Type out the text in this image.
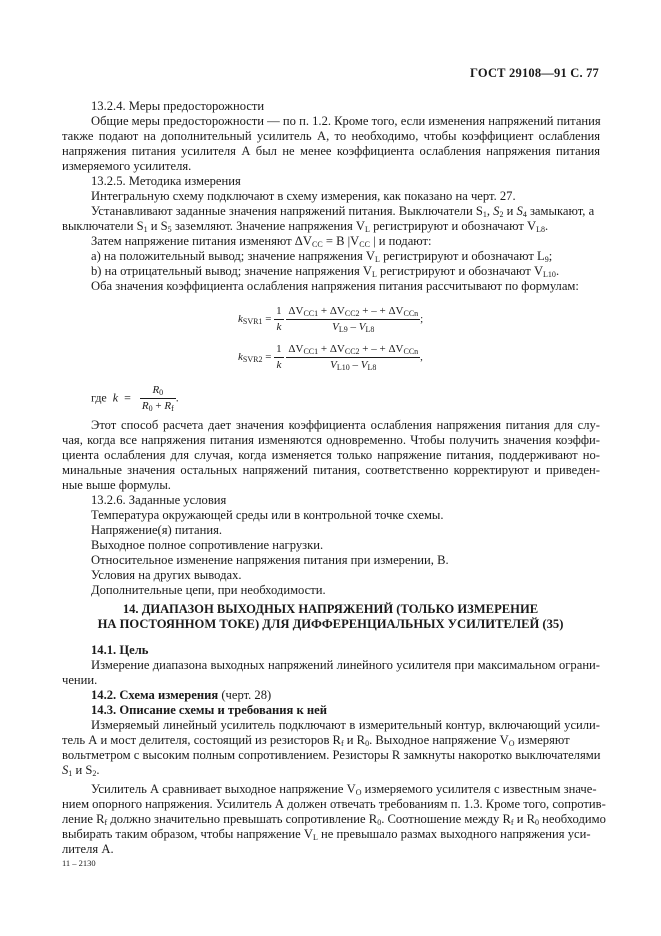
ГОСТ 29108—91 С. 77
13.2.4. Меры предосторожности
Общие меры предосторожности — по п. 1.2. Кроме того, если изменения напряжений питания
также подают на дополнительный усилитель А, то необходимо, чтобы коэффициент ослабления
напряжения питания усилителя А был не менее коэффициента ослабления напряжения питания
измеряемого усилителя.
13.2.5. Методика измерения
Интегральную схему подключают в схему измерения, как показано на черт. 27.
Устанавливают заданные значения напряжений питания. Выключатели $S_1$, $S_2$ и $S_4$ замыкают, а
выключатели $S_1$ и $S_5$ заземляют. Значение напряжения $V_L$ регистрируют и обозначают $V_{L8}$.
Затем напряжение питания изменяют $\Delta V_{CC} = B$ $|V_{CC}$ | и подают:
a) на положительный вывод; значение напряжения $V_L$ регистрируют и обозначают $L_9$;
b) на отрицательный вывод; значение напряжения $V_L$ регистрируют и обозначают $V_{L10}$.
Оба значения коэффициента ослабления напряжения питания рассчитывают по формулам:
$k_{SVR1} = \frac{1}{k}$
$\frac{\Delta V_{CC1} + \Delta V_{CC2} + - + \Delta V_{CCn}}{V_{L9} - V_{L8}}$ ;
$k_{SVR2} = \frac{1}{k}$
$\frac{\Delta V_{CC1} + \Delta V_{CC2} + - + \Delta V_{CCn}}{V_{L10} - V_{L8}}$ ,
где $k = \frac{R_0}{R_0 + R_f}$ .
Этот способ расчета дает значения коэффициента ослабления напряжения питания для слу-
чая, когда все напряжения питания изменяются одновременно. Чтобы получить значения коэффи-
циента ослабления для случая, когда изменяется только напряжение питания, поддерживают но-
минальные значения остальных напряжений питания, соответственно корректируют и приведен-
ные выше формулы.
13.2.6. Заданные условия
Температура окружающей среды или в контрольной точке схемы.
Напряжение(я) питания.
Выходное полное сопротивление нагрузки.
Относительное изменение напряжения питания при измерении, В.
Условия на других выводах.
Дополнительные цепи, при необходимости.
14. ДИАПАЗОН ВЫХОДНЫХ НАПРЯЖЕНИЙ (ТОЛЬКО ИЗМЕРЕНИЕ
НА ПОСТОЯННОМ ТОКЕ) ДЛЯ ДИФФЕРЕНЦИАЛЬНЫХ УСИЛИТЕЛЕЙ (35)
14.1. Цель
Измерение диапазона выходных напряжений линейного усилителя при максимальном ограни-
чении.
14.2. Схема измерения (черт. 28)
14.3. Описание схемы и требования к ней
Измеряемый линейный усилитель подключают в измерительный контур, включающий усили-
тель А и мост делителя, состоящий из резисторов $R_f$ и $R_0$. Выходное напряжение $V_O$ измеряют
вольтметром с высоким полным сопротивлением. Резисторы R замкнуты накоротко выключателями
$S_1$ и $S_2$.
Усилитель А сравнивает выходное напряжение $V_O$ измеряемого усилителя с известным значе-
нием опорного напряжения. Усилитель А должен отвечать требованиям п. 1.3. Кроме того, сопротив-
ление $R_f$ должно значительно превышать сопротивление $R_0$. Соотношение между $R_f$ и $R_0$ необходимо
выбирать таким образом, чтобы напряжение $V_L$ не превышало размах выходного напряжения уси-
лителя А.
11 – 2130
